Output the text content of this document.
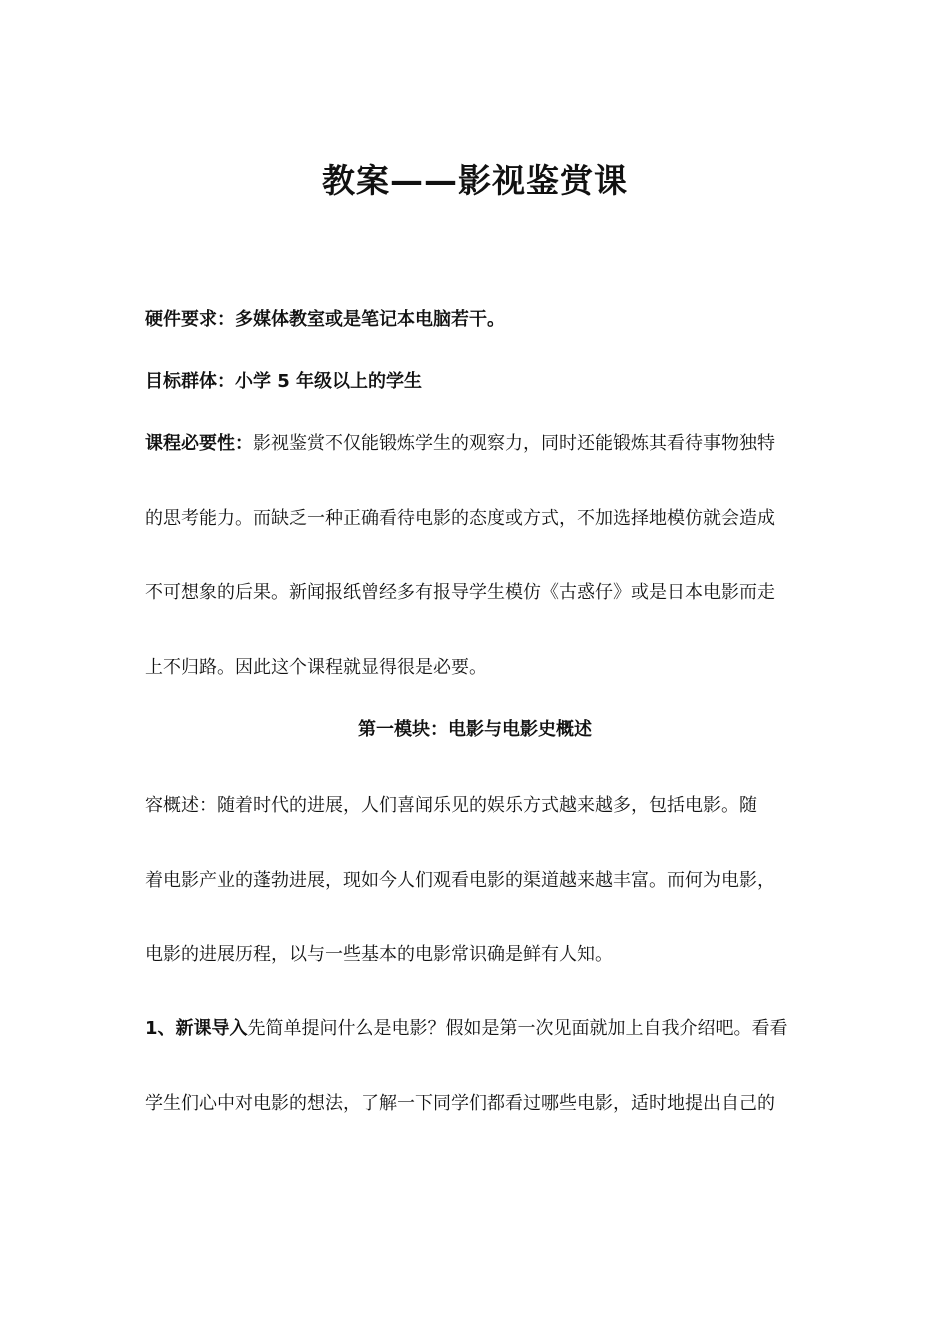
教案——影视鉴赏课
硬件要求：多媒体教室或是笔记本电脑若干。
目标群体：小学 5 年级以上的学生
课程必要性：影视鉴赏不仅能锻炼学生的观察力，同时还能锻炼其看待事物独特
的思考能力。而缺乏一种正确看待电影的态度或方式，不加选择地模仿就会造成
不可想象的后果。新闻报纸曾经多有报导学生模仿《古惑仔》或是日本电影而走
上不归路。因此这个课程就显得很是必要。
第一模块：电影与电影史概述
容概述：随着时代的进展，人们喜闻乐见的娱乐方式越来越多，包括电影。随
着电影产业的蓬勃进展，现如今人们观看电影的渠道越来越丰富。而何为电影，
电影的进展历程，以与一些基本的电影常识确是鲜有人知。
1、新课导入先简单提问什么是电影？假如是第一次见面就加上自我介绍吧。看看
学生们心中对电影的想法，了解一下同学们都看过哪些电影，适时地提出自己的
